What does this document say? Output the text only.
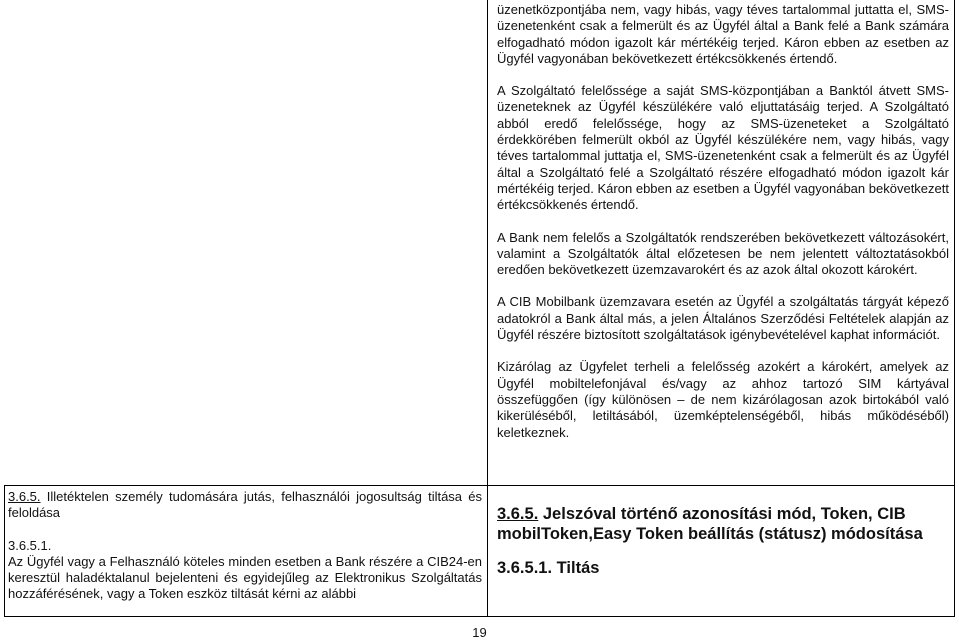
üzenetközpontjába nem, vagy hibás, vagy téves tartalommal juttatta el, SMS-üzenetenként csak a felmerült és az Ügyfél által a Bank felé a Bank számára elfogadható módon igazolt kár mértékéig terjed. Káron ebben az esetben az Ügyfél vagyonában bekövetkezett értékcsökkenés értendő.

A Szolgáltató felelőssége a saját SMS-központjában a Banktól átvett SMS-üzeneteknek az Ügyfél készülékére való eljuttatásáig terjed. A Szolgáltató abból eredő felelőssége, hogy az SMS-üzeneteket a Szolgáltató érdekkörében felmerült okból az Ügyfél készülékére nem, vagy hibás, vagy téves tartalommal juttatja el, SMS-üzenetenként csak a felmerült és az Ügyfél által a Szolgáltató felé a Szolgáltató részére elfogadható módon igazolt kár mértékéig terjed. Káron ebben az esetben a Ügyfél vagyonában bekövetkezett értékcsökkenés értendő.

A Bank nem felelős a Szolgáltatók rendszerében bekövetkezett változásokért, valamint a Szolgáltatók által előzetesen be nem jelentett változtatásokból eredően bekövetkezett üzemzavarokért és az azok által okozott károkért.

A CIB Mobilbank üzemzavara esetén az Ügyfél a szolgáltatás tárgyát képező adatokról a Bank által más, a jelen Általános Szerződési Feltételek alapján az Ügyfél részére biztosított szolgáltatások igénybevételével kaphat információt.

Kizárólag az Ügyfelet terheli a felelősség azokért a károkért, amelyek az Ügyfél mobiltelefonjával és/vagy az ahhoz tartozó SIM kártyával összefüggően (így különösen – de nem kizárólagosan azok birtokából való kikerüléséből, letiltásából, üzemképtelenségéből, hibás működéséből) keletkeznek.

3.6.5. Illetéktelen személy tudomására jutás, felhasználói jogosultság tiltása és feloldása

3.6.5.1.
Az Ügyfél vagy a Felhasználó köteles minden esetben a Bank részére a CIB24-en keresztül haladéktalanul bejelenteni és egyidejűleg az Elektronikus Szolgáltatás hozzáférésének, vagy a Token eszköz tiltását kérni az alábbi

3.6.5. Jelszóval történő azonosítási mód, Token, CIB mobilToken,Easy Token beállítás (státusz) módosítása

3.6.5.1. Tiltás

19
